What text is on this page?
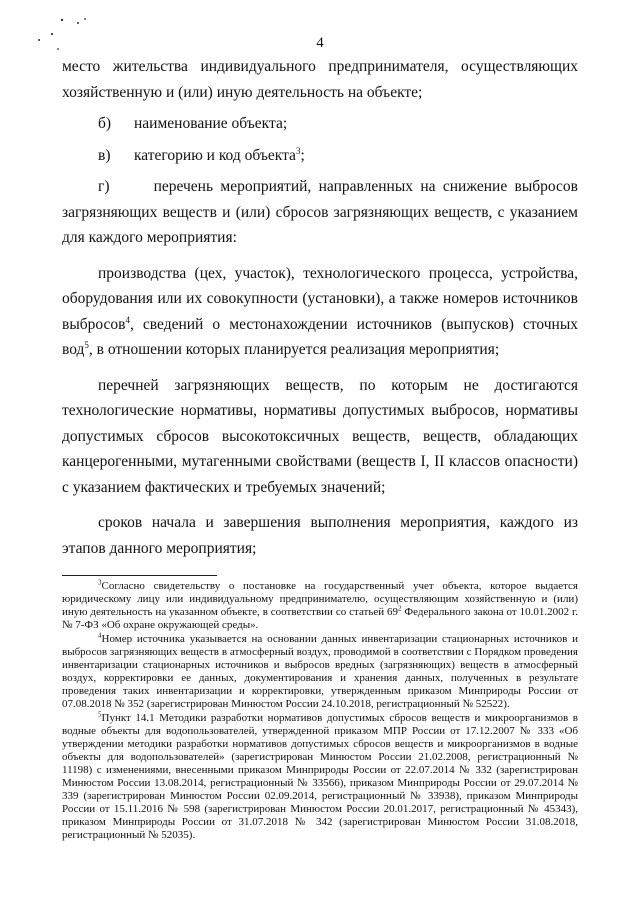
4

место жительства индивидуального предпринимателя, осуществляющих хозяйственную и (или) иную деятельность на объекте;

б)	наименование объекта;

в)	категорию и код объекта$^3$;

г)	перечень мероприятий, направленных на снижение выбросов загрязняющих веществ и (или) сбросов загрязняющих веществ, с указанием для каждого мероприятия:

производства (цех, участок), технологического процесса, устройства, оборудования или их совокупности (установки), а также номеров источников выбросов$^4$, сведений о местонахождении источников (выпусков) сточных вод$^5$, в отношении которых планируется реализация мероприятия;

перечней загрязняющих веществ, по которым не достигаются технологические нормативы, нормативы допустимых выбросов, нормативы допустимых сбросов высокотоксичных веществ, веществ, обладающих канцерогенными, мутагенными свойствами (веществ I, II классов опасности) с указанием фактических и требуемых значений;

сроков начала и завершения выполнения мероприятия, каждого из этапов данного мероприятия;

$^3$Согласно свидетельству о постановке на государственный учет объекта, которое выдается юридическому лицу или индивидуальному предпринимателю, осуществляющим хозяйственную и (или) иную деятельность на указанном объекте, в соответствии со статьей $69^2$ Федерального закона от 10.01.2002 г. № 7-ФЗ «Об охране окружающей среды».

$^4$Номер источника указывается на основании данных инвентаризации стационарных источников и выбросов загрязняющих веществ в атмосферный воздух, проводимой в соответствии с Порядком проведения инвентаризации стационарных источников и выбросов вредных (загрязняющих) веществ в атмосферный воздух, корректировки ее данных, документирования и хранения данных, полученных в результате проведения таких инвентаризации и корректировки, утвержденным приказом Минприроды России от 07.08.2018 № 352 (зарегистрирован Минюстом России 24.10.2018, регистрационный № 52522).

$^5$Пункт 14.1 Методики разработки нормативов допустимых сбросов веществ и микроорганизмов в водные объекты для водопользователей, утвержденной приказом МПР России от 17.12.2007 № 333 «Об утверждении методики разработки нормативов допустимых сбросов веществ и микроорганизмов в водные объекты для водопользователей» (зарегистрирован Минюстом России 21.02.2008, регистрационный № 11198) с изменениями, внесенными приказом Минприроды России от 22.07.2014 № 332 (зарегистрирован Минюстом России 13.08.2014, регистрационный № 33566), приказом Минприроды России от 29.07.2014 № 339 (зарегистрирован Минюстом России 02.09.2014, регистрационный № 33938), приказом Минприроды России от 15.11.2016 № 598 (зарегистрирован Минюстом России 20.01.2017, регистрационный № 45343), приказом Минприроды России от 31.07.2018 № 342 (зарегистрирован Минюстом России 31.08.2018, регистрационный № 52035).
